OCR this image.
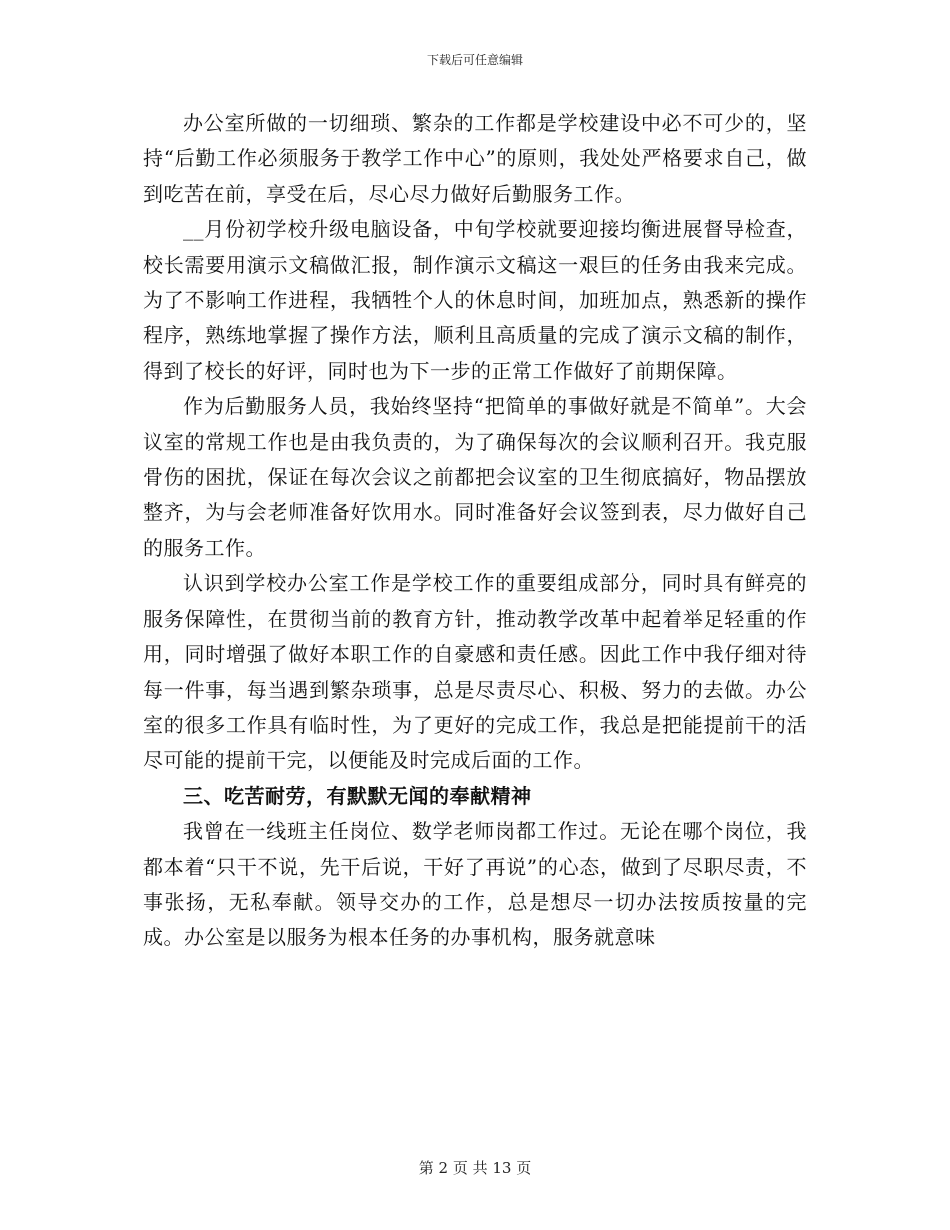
下载后可任意编辑

办公室所做的一切细琐、繁杂的工作都是学校建设中必不可少的，坚持“后勤工作必须服务于教学工作中心”的原则，我处处严格要求自己，做到吃苦在前，享受在后，尽心尽力做好后勤服务工作。

__月份初学校升级电脑设备，中旬学校就要迎接均衡进展督导检查，校长需要用演示文稿做汇报，制作演示文稿这一艰巨的任务由我来完成。为了不影响工作进程，我牺牲个人的休息时间，加班加点，熟悉新的操作程序，熟练地掌握了操作方法，顺利且高质量的完成了演示文稿的制作，得到了校长的好评，同时也为下一步的正常工作做好了前期保障。

作为后勤服务人员，我始终坚持“把简单的事做好就是不简单”。大会议室的常规工作也是由我负责的，为了确保每次的会议顺利召开。我克服骨伤的困扰，保证在每次会议之前都把会议室的卫生彻底搞好，物品摆放整齐，为与会老师准备好饮用水。同时准备好会议签到表，尽力做好自己的服务工作。

认识到学校办公室工作是学校工作的重要组成部分，同时具有鲜亮的服务保障性，在贯彻当前的教育方针，推动教学改革中起着举足轻重的作用，同时增强了做好本职工作的自豪感和责任感。因此工作中我仔细对待每一件事，每当遇到繁杂琐事，总是尽责尽心、积极、努力的去做。办公室的很多工作具有临时性，为了更好的完成工作，我总是把能提前干的活尽可能的提前干完，以便能及时完成后面的工作。

三、吃苦耐劳，有默默无闻的奉献精神

我曾在一线班主任岗位、数学老师岗都工作过。无论在哪个岗位，我都本着“只干不说，先干后说，干好了再说”的心态，做到了尽职尽责，不事张扬，无私奉献。领导交办的工作，总是想尽一切办法按质按量的完成。办公室是以服务为根本任务的办事机构，服务就意味

第 2 页 共 13 页
